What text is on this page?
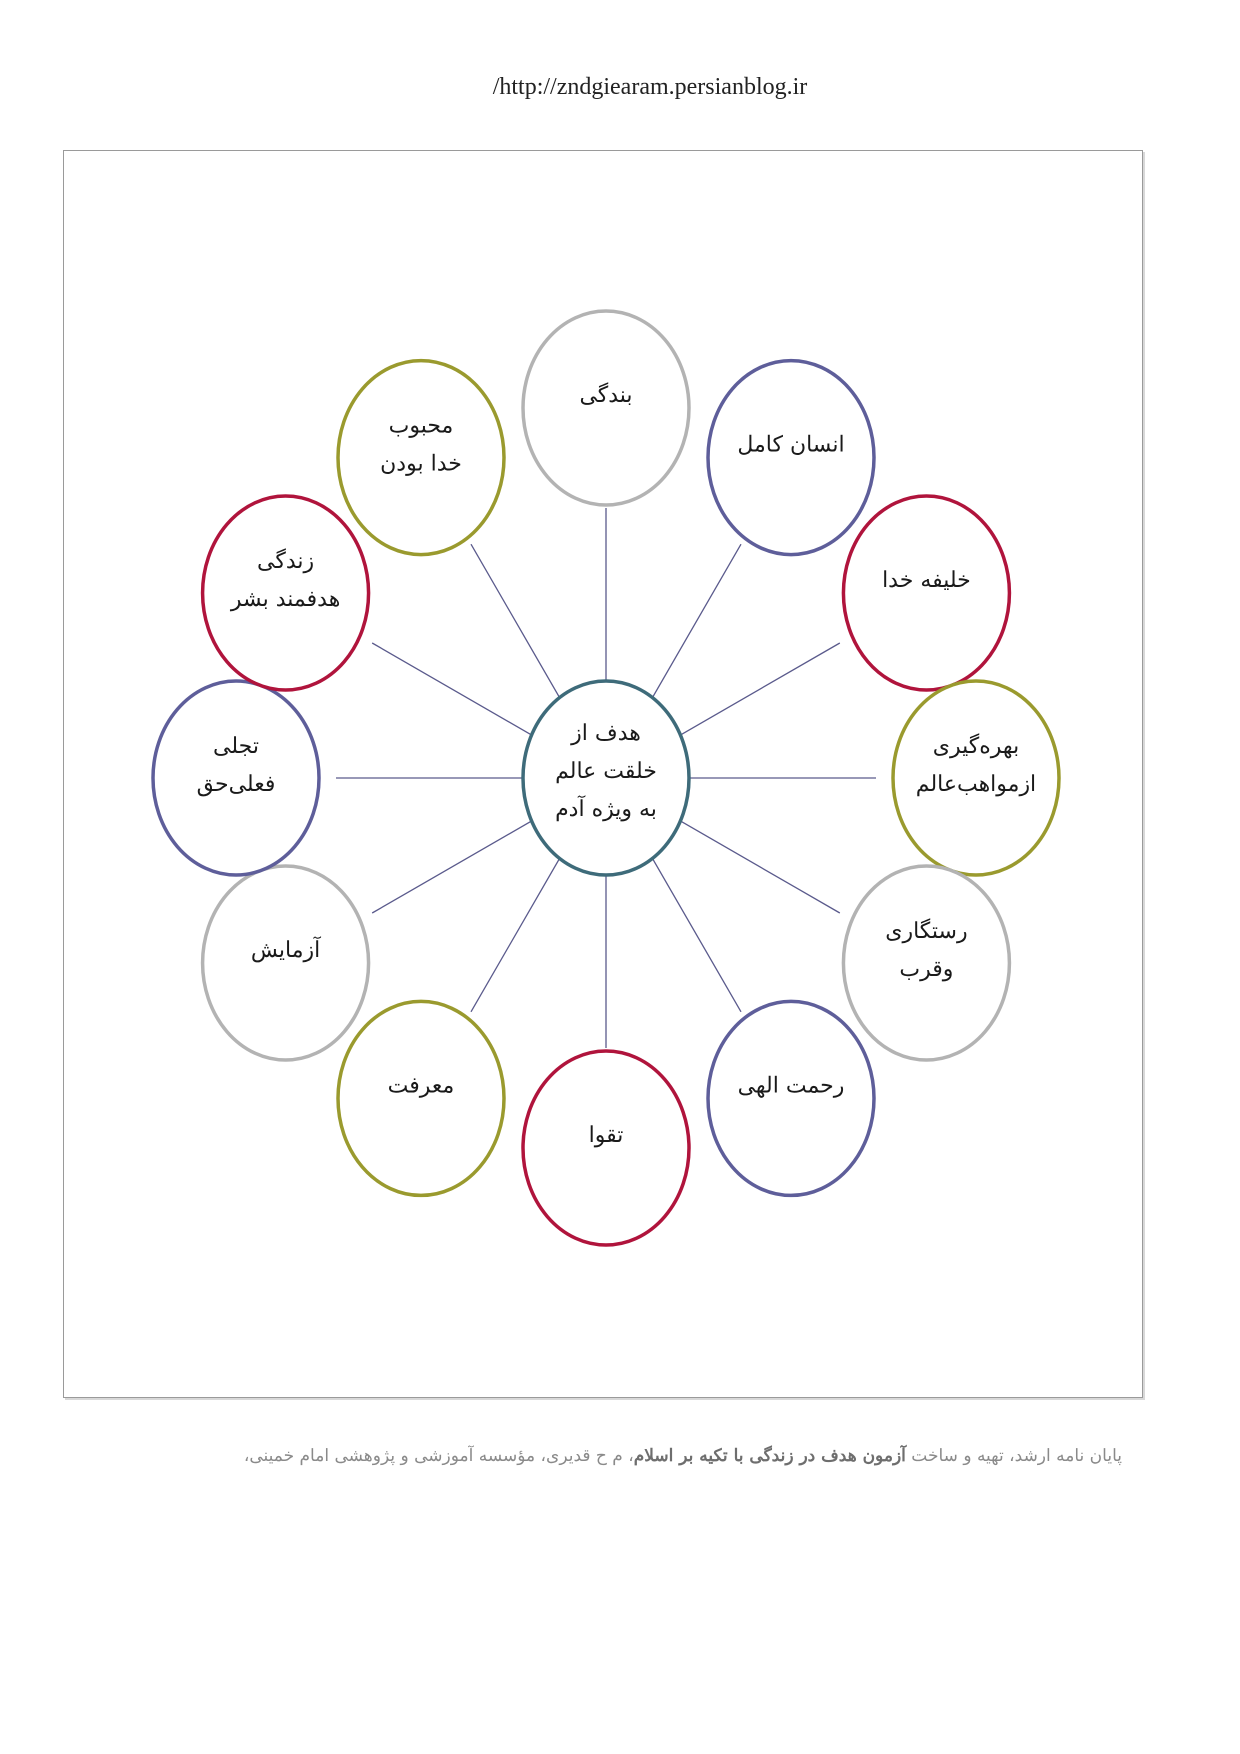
/http://zndgiearam.persianblog.ir
بندگی
انسان کامل
خلیفه خدا
بهره‌گیری
ازمواهب‌عالم
رستگاری
وقرب
رحمت الهی
تقوا
معرفت
آزمایش
تجلی
فعلی‌حق
زندگی
هدفمند بشر
محبوب
خدا بودن
هدف از
خلقت عالم
به ویژه آدم
پایان نامه ارشد، تهیه و ساخت آزمون هدف در زندگی با تکیه بر اسلام، م ح قدیری، مؤسسه آموزشی و پژوهشی امام خمینی،
